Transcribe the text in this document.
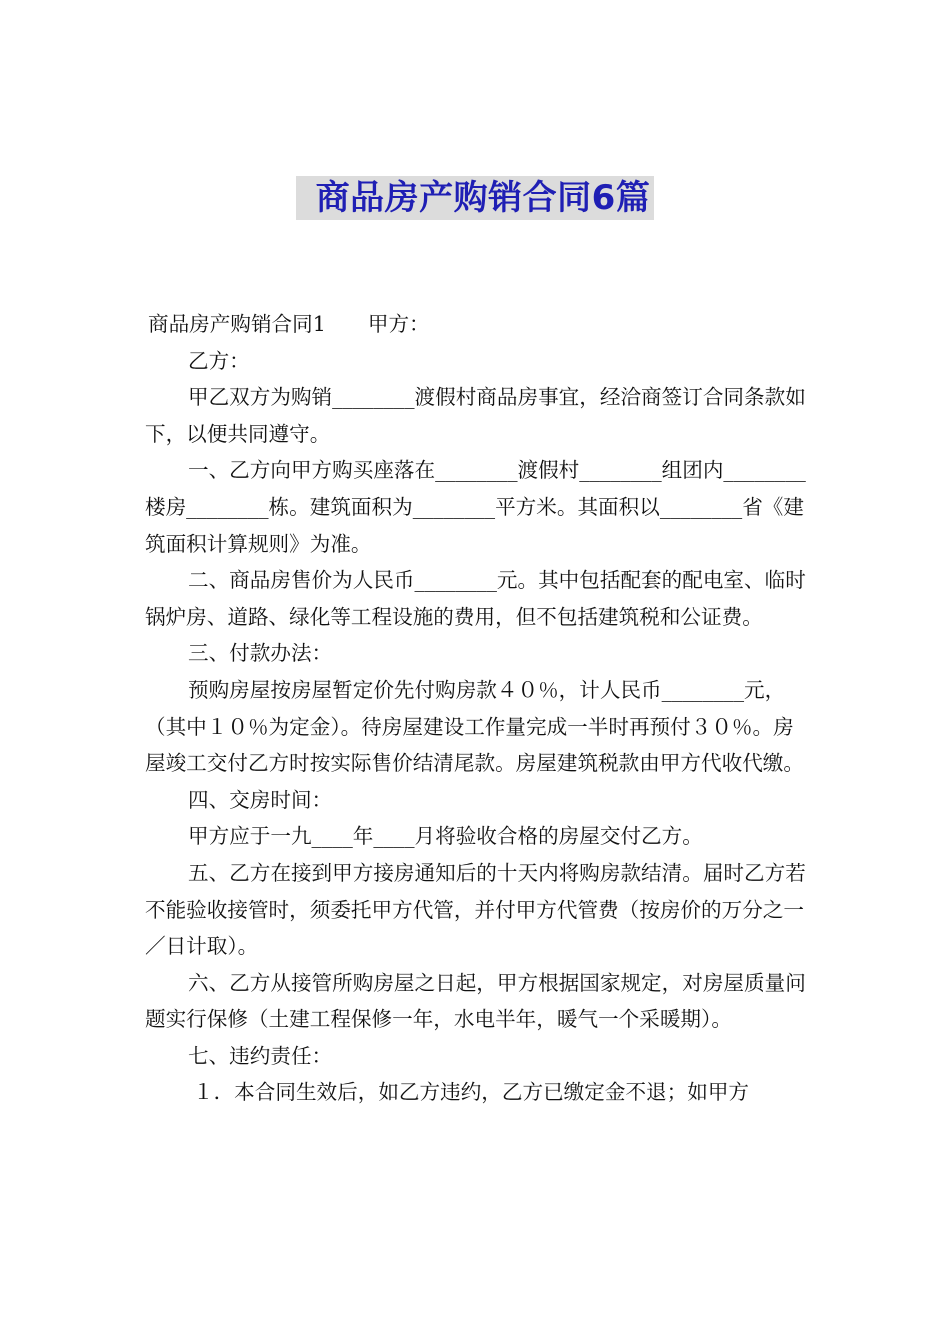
商品房产购销合同6篇

商品房产购销合同1 甲方：

乙方：

甲乙双方为购销________渡假村商品房事宜，经洽商签订合同条款如下，以便共同遵守。

一、乙方向甲方购买座落在________渡假村________组团内________楼房________栋。建筑面积为________平方米。其面积以________省《建筑面积计算规则》为准。

二、商品房售价为人民币________元。其中包括配套的配电室、临时锅炉房、道路、绿化等工程设施的费用，但不包括建筑税和公证费。

三、付款办法：

预购房屋按房屋暂定价先付购房款４０％，计人民币________元，（其中１０％为定金）。待房屋建设工作量完成一半时再预付３０％。房屋竣工交付乙方时按实际售价结清尾款。房屋建筑税款由甲方代收代缴。

四、交房时间：

甲方应于一九____年____月将验收合格的房屋交付乙方。

五、乙方在接到甲方接房通知后的十天内将购房款结清。届时乙方若不能验收接管时，须委托甲方代管，并付甲方代管费（按房价的万分之一／日计取）。

六、乙方从接管所购房屋之日起，甲方根据国家规定，对房屋质量问题实行保修（土建工程保修一年，水电半年，暖气一个采暖期）。

七、违约责任：

１．本合同生效后，如乙方违约，乙方已缴定金不退；如甲方
